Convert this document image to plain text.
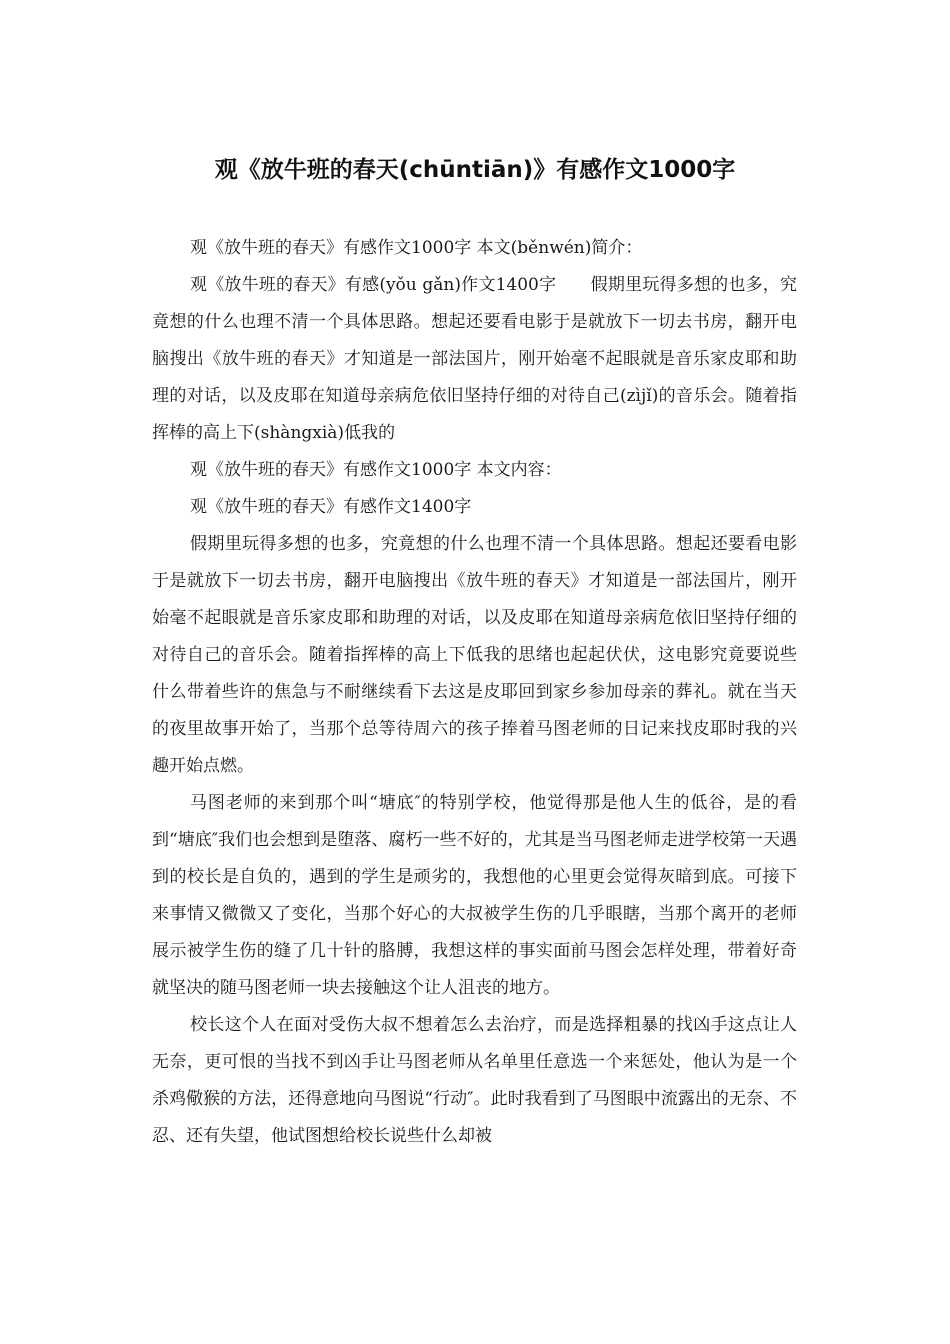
观《放牛班的春天(chūntiān)》有感作文1000字

观《放牛班的春天》有感作文1000字 本文(běnwén)简介：

观《放牛班的春天》有感(yǒu gǎn)作文1400字　　假期里玩得多想的也多，究竟想的什么也理不清一个具体思路。想起还要看电影于是就放下一切去书房，翻开电脑搜出《放牛班的春天》才知道是一部法国片，刚开始毫不起眼就是音乐家皮耶和助理的对话，以及皮耶在知道母亲病危依旧坚持仔细的对待自己(zìjǐ)的音乐会。随着指挥棒的高上下(shàngxià)低我的

观《放牛班的春天》有感作文1000字 本文内容：

观《放牛班的春天》有感作文1400字

假期里玩得多想的也多，究竟想的什么也理不清一个具体思路。想起还要看电影于是就放下一切去书房，翻开电脑搜出《放牛班的春天》才知道是一部法国片，刚开始毫不起眼就是音乐家皮耶和助理的对话，以及皮耶在知道母亲病危依旧坚持仔细的对待自己的音乐会。随着指挥棒的高上下低我的思绪也起起伏伏，这电影究竟要说些什么带着些许的焦急与不耐继续看下去这是皮耶回到家乡参加母亲的葬礼。就在当天的夜里故事开始了，当那个总等待周六的孩子捧着马图老师的日记来找皮耶时我的兴趣开始点燃。

马图老师的来到那个叫“塘底″的特别学校，他觉得那是他人生的低谷，是的看到“塘底″我们也会想到是堕落、腐朽一些不好的，尤其是当马图老师走进学校第一天遇到的校长是自负的，遇到的学生是顽劣的，我想他的心里更会觉得灰暗到底。可接下来事情又微微又了变化，当那个好心的大叔被学生伤的几乎眼瞎，当那个离开的老师展示被学生伤的缝了几十针的胳膊，我想这样的事实面前马图会怎样处理，带着好奇就坚决的随马图老师一块去接触这个让人沮丧的地方。

校长这个人在面对受伤大叔不想着怎么去治疗，而是选择粗暴的找凶手这点让人无奈，更可恨的当找不到凶手让马图老师从名单里任意选一个来惩处，他认为是一个杀鸡儆猴的方法，还得意地向马图说“行动″。此时我看到了马图眼中流露出的无奈、不忍、还有失望，他试图想给校长说些什么却被
